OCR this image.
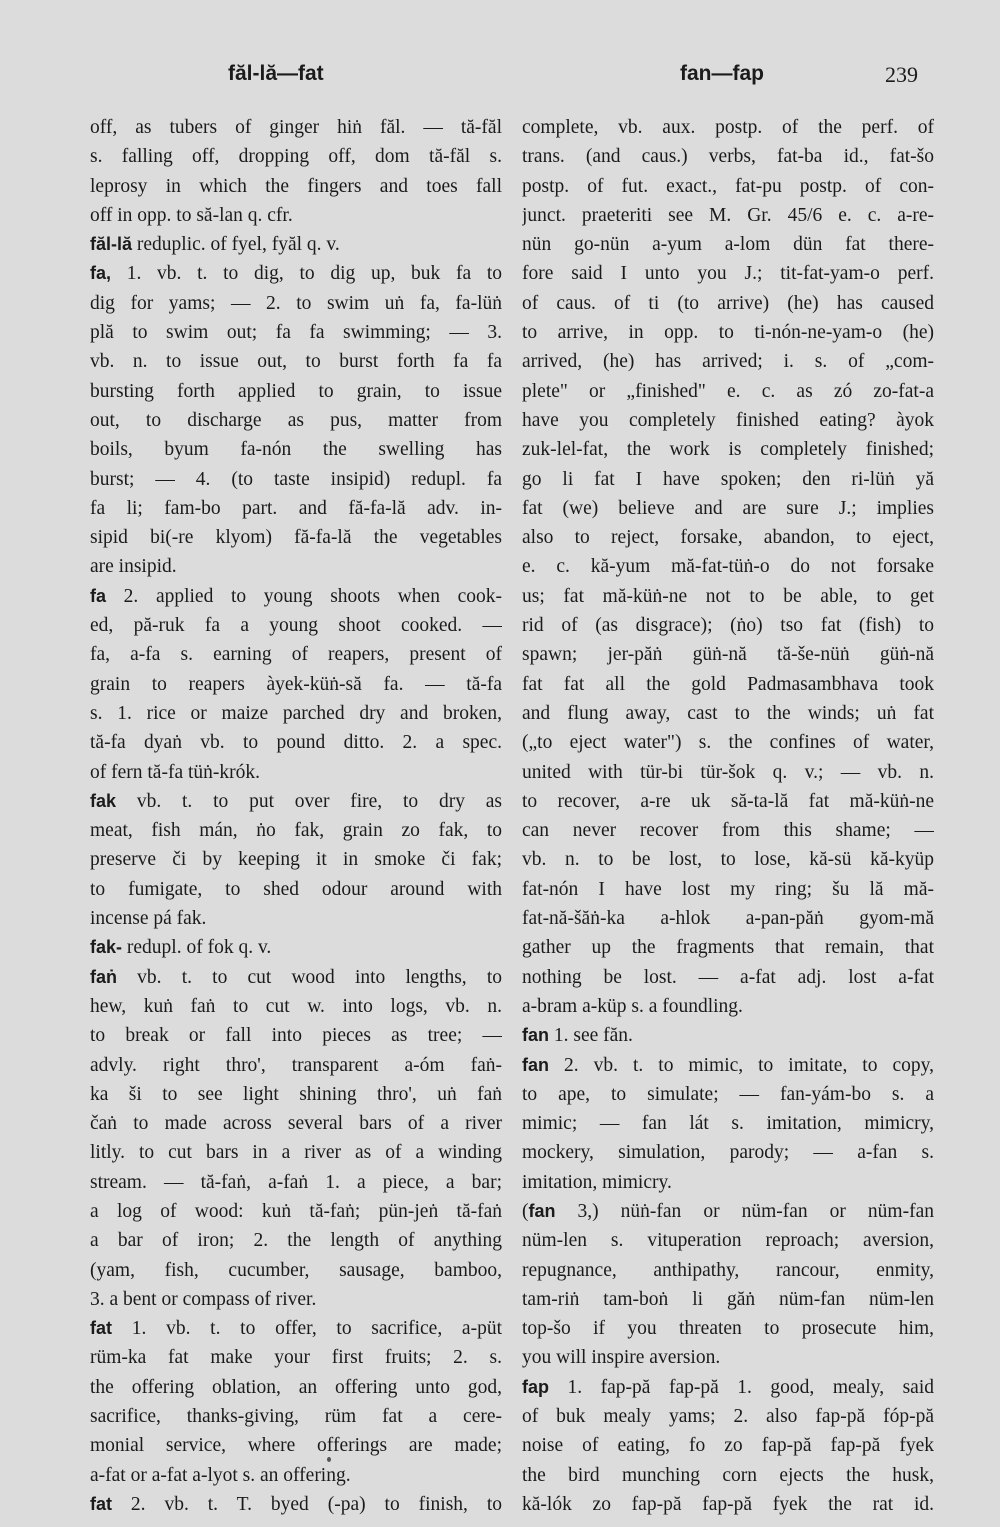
făl-lă—fat	fan—fap	239
off, as tubers of ginger hiṅ făl. — tă-făl
s. falling off, dropping off, dom tă-făl s.
leprosy in which the fingers and toes fall
off in opp. to să-lan q. cfr.
făl-lă reduplic. of fyel, fyăl q. v.
fa, 1. vb. t. to dig, to dig up, buk fa to
dig for yams; — 2. to swim uṅ fa, fa-lüṅ
plă to swim out; fa fa swimming; — 3.
vb. n. to issue out, to burst forth fa fa
bursting forth applied to grain, to issue
out, to discharge as pus, matter from
boils, byum fa-nón the swelling has
burst; — 4. (to taste insipid) redupl. fa
fa li; fam-bo part. and fă-fa-lă adv. in-
sipid bi(-re klyom) fă-fa-lă the vegetables
are insipid.
fa 2. applied to young shoots when cook-
ed, pă-ruk fa a young shoot cooked. —
fa, a-fa s. earning of reapers, present of
grain to reapers àyek-küṅ-să fa. — tă-fa
s. 1. rice or maize parched dry and broken,
tă-fa dyaṅ vb. to pound ditto. 2. a spec.
of fern tă-fa tüṅ-krók.
fak vb. t. to put over fire, to dry as
meat, fish mán, ṅo fak, grain zo fak, to
preserve či by keeping it in smoke či fak;
to fumigate, to shed odour around with
incense pá fak.
fak- redupl. of fok q. v.
faṅ vb. t. to cut wood into lengths, to
hew, kuṅ faṅ to cut w. into logs, vb. n.
to break or fall into pieces as tree; —
advly. right thro', transparent a-óm faṅ-
ka ši to see light shining thro', uṅ faṅ
čaṅ to made across several bars of a river
litly. to cut bars in a river as of a winding
stream. — tă-faṅ, a-faṅ 1. a piece, a bar;
a log of wood: kuṅ tă-faṅ; pün-jeṅ tă-faṅ
a bar of iron; 2. the length of anything
(yam, fish, cucumber, sausage, bamboo,
3. a bent or compass of river.
fat 1. vb. t. to offer, to sacrifice, a-püt
rüm-ka fat make your first fruits; 2. s.
the offering oblation, an offering unto god,
sacrifice, thanks-giving, rüm fat a cere-
monial service, where offerings are made;
a-fat or a-fat a-lyot s. an offering.
fat 2. vb. t. T. byed (-pa) to finish, to
complete, vb. aux. postp. of the perf. of
trans. (and caus.) verbs, fat-ba id., fat-šo
postp. of fut. exact., fat-pu postp. of con-
junct. praeteriti see M. Gr. 45/6 e. c. a-re-
nün go-nün a-yum a-lom dün fat there-
fore said I unto you J.; tit-fat-yam-o perf.
of caus. of ti (to arrive) (he) has caused
to arrive, in opp. to ti-nón-ne-yam-o (he)
arrived, (he) has arrived; i. s. of „com-
plete" or „finished" e. c. as zó zo-fat-a
have you completely finished eating? àyok
zuk-lel-fat, the work is completely finished;
go li fat I have spoken; den ri-lüṅ yă
fat (we) believe and are sure J.; implies
also to reject, forsake, abandon, to eject,
e. c. kă-yum mă-fat-tüṅ-o do not forsake
us; fat mă-küṅ-ne not to be able, to get
rid of (as disgrace); (ṅo) tso fat (fish) to
spawn; jer-păṅ güṅ-nă tă-še-nüṅ güṅ-nă
fat fat all the gold Padmasambhava took
and flung away, cast to the winds; uṅ fat
(„to eject water") s. the confines of water,
united with tür-bi tür-šok q. v.; — vb. n.
to recover, a-re uk să-ta-lă fat mă-küṅ-ne
can never recover from this shame; —
vb. n. to be lost, to lose, kă-sü kă-kyüp
fat-nón I have lost my ring; šu lă mă-
fat-nă-šăṅ-ka a-hlok a-pan-păṅ gyom-mă
gather up the fragments that remain, that
nothing be lost. — a-fat adj. lost a-fat
a-bram a-küp s. a foundling.
fan 1. see făn.
fan 2. vb. t. to mimic, to imitate, to copy,
to ape, to simulate; — fan-yám-bo s. a
mimic; — fan lát s. imitation, mimicry,
mockery, simulation, parody; — a-fan s.
imitation, mimicry.
(fan 3,) nüṅ-fan or nüm-fan or nüm-fan
nüm-len s. vituperation reproach; aversion,
repugnance, anthipathy, rancour, enmity,
tam-riṅ tam-boṅ li găṅ nüm-fan nüm-len
top-šo if you threaten to prosecute him,
you will inspire aversion.
fap 1. fap-pă fap-pă 1. good, mealy, said
of buk mealy yams; 2. also fap-pă fóp-pă
noise of eating, fo zo fap-pă fap-pă fyek
the bird munching corn ejects the husk,
kă-lók zo fap-pă fap-pă fyek the rat id.
